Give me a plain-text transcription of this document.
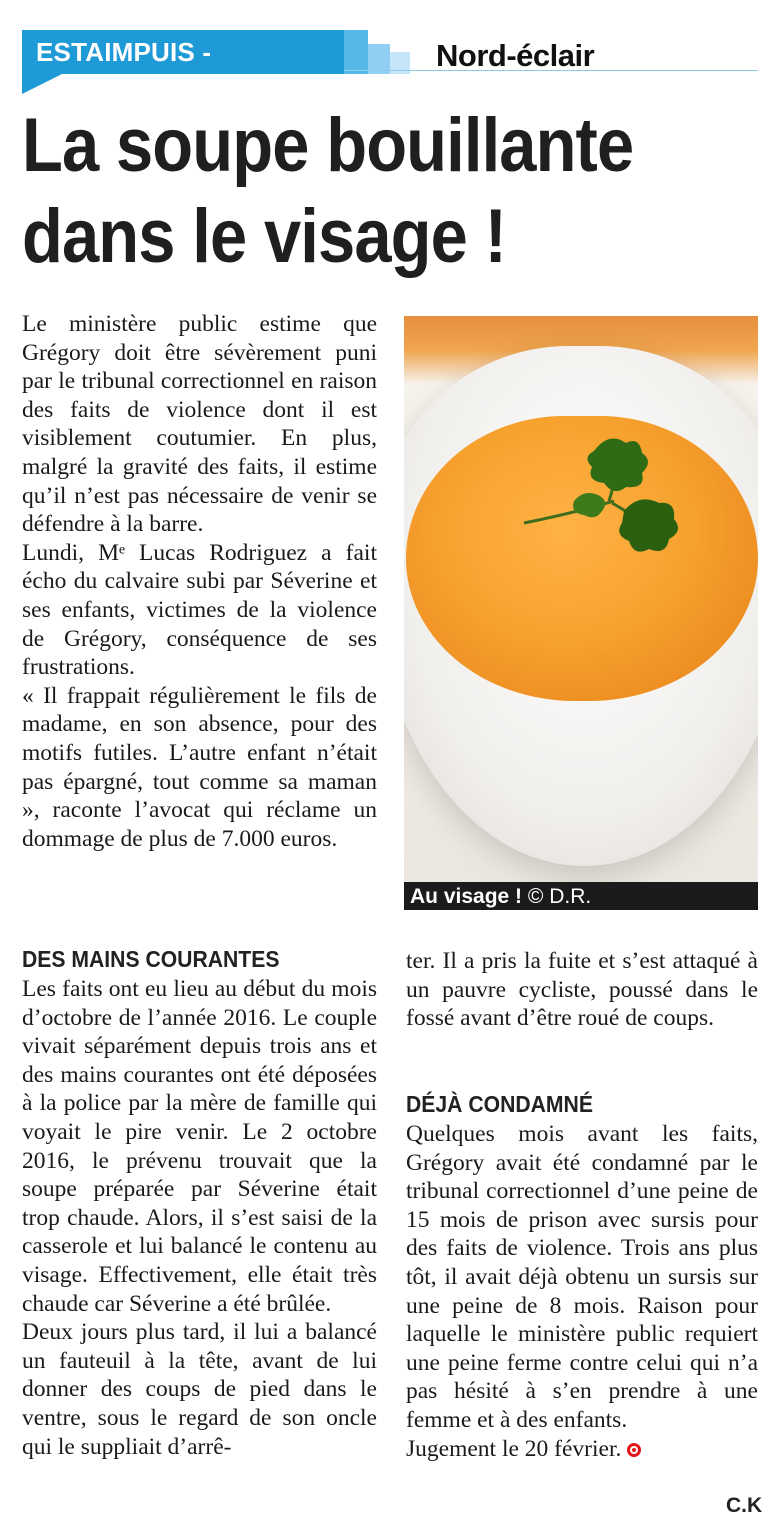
ESTAIMPUIS - TRIBUNAL
Nord-éclair
La soupe bouillante
dans le visage !

Le ministère public estime que Grégory doit être sévèrement puni par le tribunal correctionnel en raison des faits de violence dont il est visiblement coutumier. En plus, malgré la gravité des faits, il estime qu’il n’est pas nécessaire de venir se défendre à la barre.

Lundi, Mᵉ Lucas Rodriguez a fait écho du calvaire subi par Séverine et ses enfants, victimes de la violence de Grégory, conséquence de ses frustrations.

« Il frappait régulièrement le fils de madame, en son absence, pour des motifs futiles. L’autre enfant n’était pas épargné, tout comme sa maman », raconte l’avocat qui réclame un dommage de plus de 7.000 euros.

Au visage ! © D.R.
DES MAINS COURANTES

Les faits ont eu lieu au début du mois d’octobre de l’année 2016. Le couple vivait séparément depuis trois ans et des mains courantes ont été déposées à la police par la mère de famille qui voyait le pire venir. Le 2 octobre 2016, le prévenu trouvait que la soupe préparée par Séverine était trop chaude. Alors, il s’est saisi de la casserole et lui balancé le contenu au visage. Effectivement, elle était très chaude car Séverine a été brûlée.

Deux jours plus tard, il lui a balancé un fauteuil à la tête, avant de lui donner des coups de pied dans le ventre, sous le regard de son oncle qui le suppliait d’arrê-

ter. Il a pris la fuite et s’est attaqué à un pauvre cycliste, poussé dans le fossé avant d’être roué de coups.

DÉJÀ CONDAMNÉ

Quelques mois avant les faits, Grégory avait été condamné par le tribunal correctionnel d’une peine de 15 mois de prison avec sursis pour des faits de violence. Trois ans plus tôt, il avait déjà obtenu un sursis sur une peine de 8 mois. Raison pour laquelle le ministère public requiert une peine ferme contre celui qui n’a pas hésité à s’en prendre à une femme et à des enfants.

Jugement le 20 février.

C.K
